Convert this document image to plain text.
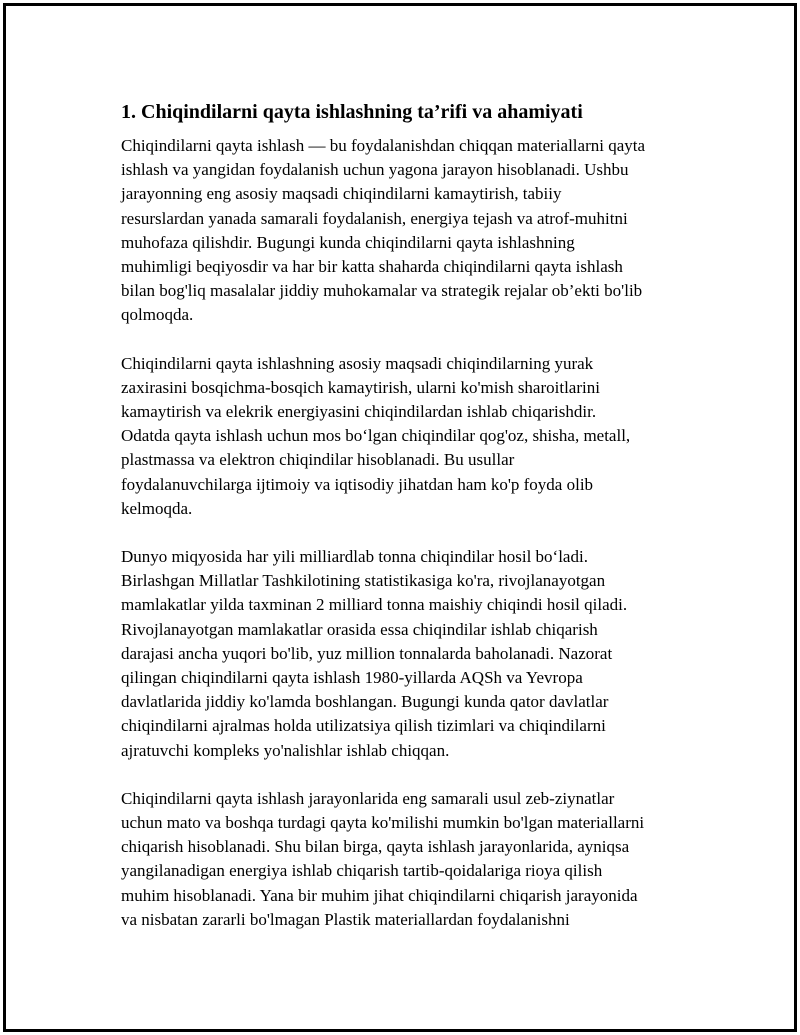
1. Chiqindilarni qayta ishlashning ta’rifi va ahamiyati
Chiqindilarni qayta ishlash — bu foydalanishdan chiqqan materiallarni qayta
ishlash va yangidan foydalanish uchun yagona jarayon hisoblanadi. Ushbu
jarayonning eng asosiy maqsadi chiqindilarni kamaytirish, tabiiy
resurslardan yanada samarali foydalanish, energiya tejash va atrof-muhitni
muhofaza qilishdir. Bugungi kunda chiqindilarni qayta ishlashning
muhimligi beqiyosdir va har bir katta shaharda chiqindilarni qayta ishlash
bilan bog'liq masalalar jiddiy muhokamalar va strategik rejalar ob’ekti bo'lib
qolmoqda.
Chiqindilarni qayta ishlashning asosiy maqsadi chiqindilarning yurak
zaxirasini bosqichma-bosqich kamaytirish, ularni ko'mish sharoitlarini
kamaytirish va elekrik energiyasini chiqindilardan ishlab chiqarishdir.
Odatda qayta ishlash uchun mos bo‘lgan chiqindilar qog'oz, shisha, metall,
plastmassa va elektron chiqindilar hisoblanadi. Bu usullar
foydalanuvchilarga ijtimoiy va iqtisodiy jihatdan ham ko'p foyda olib
kelmoqda.
Dunyo miqyosida har yili milliardlab tonna chiqindilar hosil bo‘ladi.
Birlashgan Millatlar Tashkilotining statistikasiga ko'ra, rivojlanayotgan
mamlakatlar yilda taxminan 2 milliard tonna maishiy chiqindi hosil qiladi.
Rivojlanayotgan mamlakatlar orasida essa chiqindilar ishlab chiqarish
darajasi ancha yuqori bo'lib, yuz million tonnalarda baholanadi. Nazorat
qilingan chiqindilarni qayta ishlash 1980-yillarda AQSh va Yevropa
davlatlarida jiddiy ko'lamda boshlangan. Bugungi kunda qator davlatlar
chiqindilarni ajralmas holda utilizatsiya qilish tizimlari va chiqindilarni
ajratuvchi kompleks yo'nalishlar ishlab chiqqan.
Chiqindilarni qayta ishlash jarayonlarida eng samarali usul zeb-ziynatlar
uchun mato va boshqa turdagi qayta ko'milishi mumkin bo'lgan materiallarni
chiqarish hisoblanadi. Shu bilan birga, qayta ishlash jarayonlarida, ayniqsa
yangilanadigan energiya ishlab chiqarish tartib-qoidalariga rioya qilish
muhim hisoblanadi. Yana bir muhim jihat chiqindilarni chiqarish jarayonida
va nisbatan zararli bo'lmagan Plastik materiallardan foydalanishni
